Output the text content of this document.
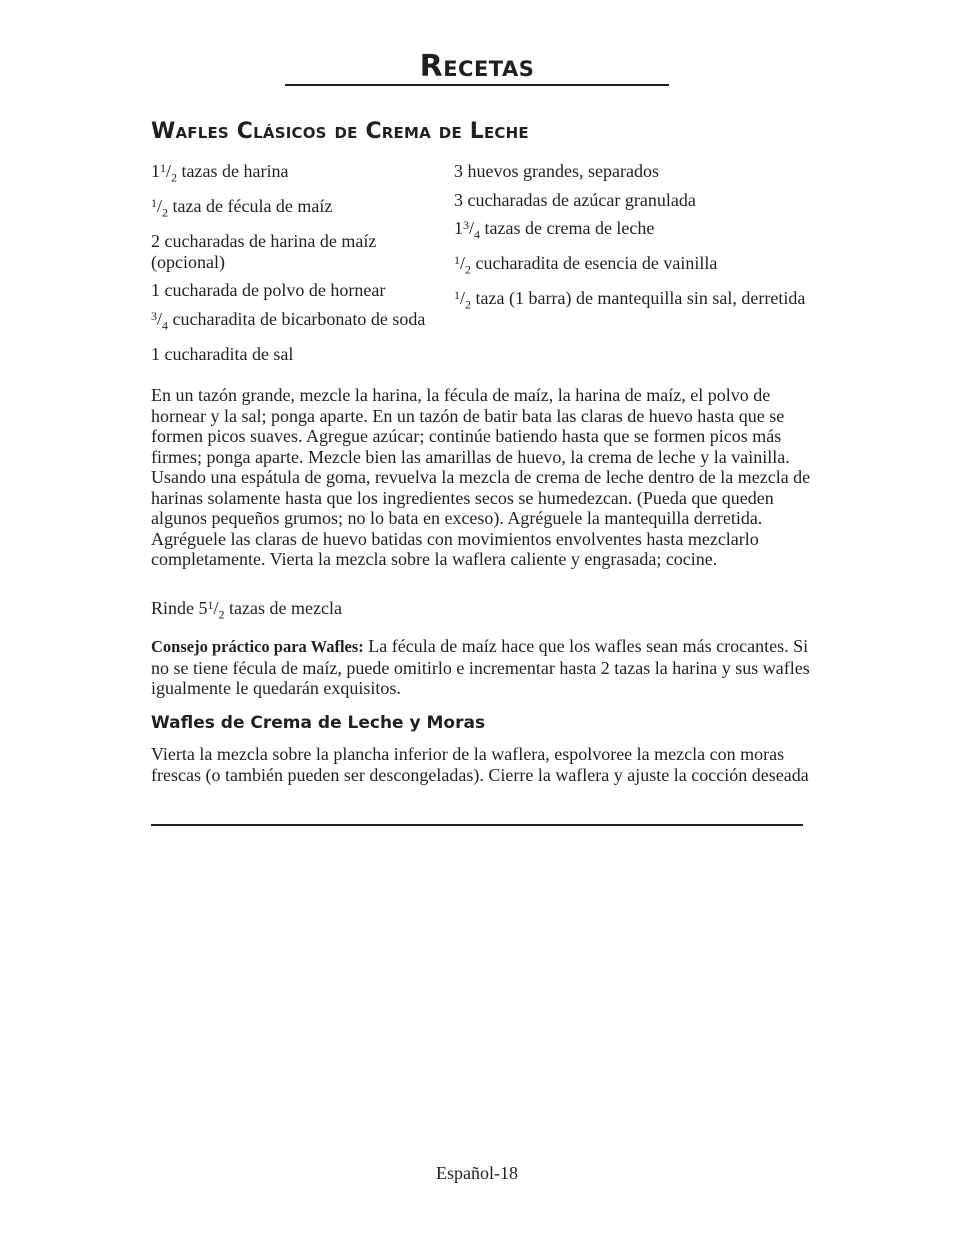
Recetas
Wafles Clásicos de Crema de Leche

$1^1/_2$ tazas de harina

$^1/_2$ taza de fécula de maíz

2 cucharadas de harina de maíz (opcional)

1 cucharada de polvo de hornear

$^3/_4$ cucharadita de bicarbonato de soda

1 cucharadita de sal

3 huevos grandes, separados

3 cucharadas de azúcar granulada

$1^3/_4$ tazas de crema de leche

$^1/_2$ cucharadita de esencia de vainilla

$^1/_2$ taza (1 barra) de mantequilla sin sal, derretida

En un tazón grande, mezcle la harina, la fécula de maíz, la harina de maíz, el polvo de hornear y la sal; ponga aparte. En un tazón de batir bata las claras de huevo hasta que se formen picos suaves. Agregue azúcar; continúe batiendo hasta que se formen picos más firmes; ponga aparte. Mezcle bien las amarillas de huevo, la crema de leche y la vainilla. Usando una espátula de goma, revuelva la mezcla de crema de leche dentro de la mezcla de harinas solamente hasta que los ingredientes secos se humedezcan. (Pueda que queden algunos pequeños grumos; no lo bata en exceso). Agréguele la mantequilla derretida. Agréguele las claras de huevo batidas con movimientos envolventes hasta mezclarlo completamente. Vierta la mezcla sobre la waflera caliente y engrasada; cocine.

Rinde $5^1/_2$ tazas de mezcla

Consejo práctico para Wafles: La fécula de maíz hace que los wafles sean más crocantes. Si no se tiene fécula de maíz, puede omitirlo e incrementar hasta 2 tazas la harina y sus wafles igualmente le quedarán exquisitos.

Wafles de Crema de Leche y Moras

Vierta la mezcla sobre la plancha inferior de la waflera, espolvoree la mezcla con moras frescas (o también pueden ser descongeladas). Cierre la waflera y ajuste la cocción deseada

Español-18
